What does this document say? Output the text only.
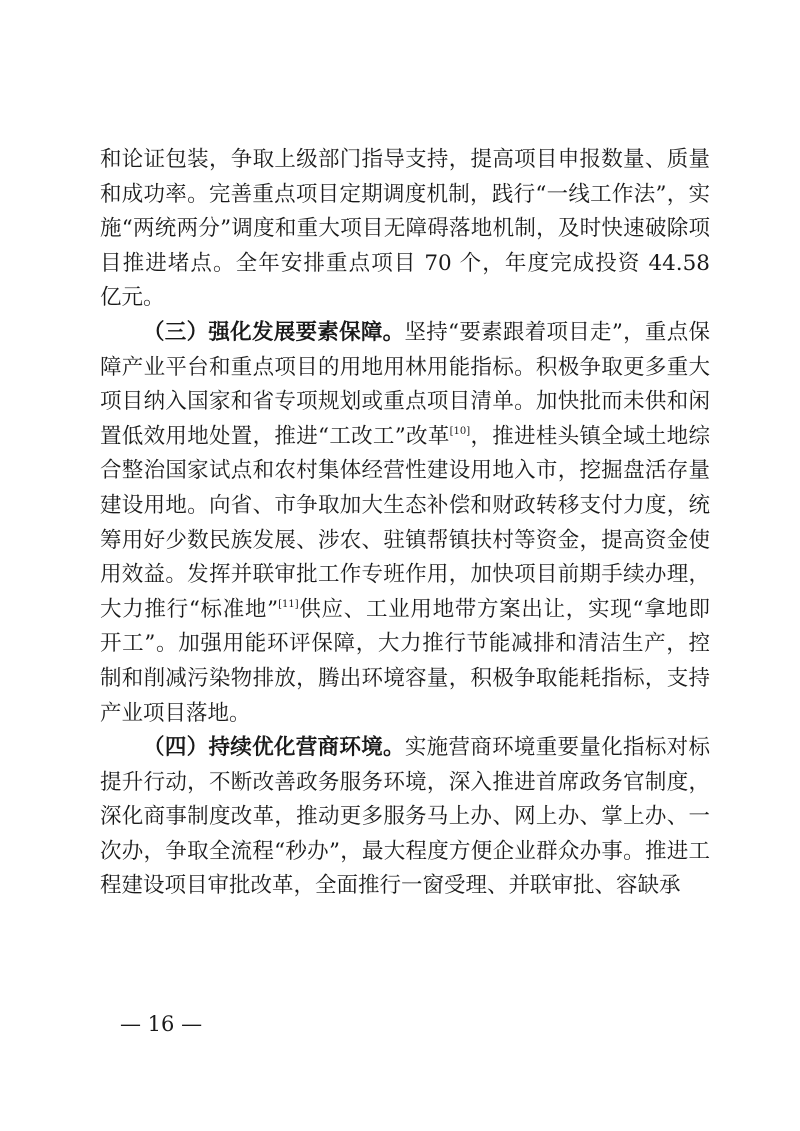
和论证包装，争取上级部门指导支持，提高项目申报数量、质量和成功率。完善重点项目定期调度机制，践行“一线工作法”，实施“两统两分”调度和重大项目无障碍落地机制，及时快速破除项目推进堵点。全年安排重点项目 70 个，年度完成投资 44.58 亿元。

（三）强化发展要素保障。坚持“要素跟着项目走”，重点保障产业平台和重点项目的用地用林用能指标。积极争取更多重大项目纳入国家和省专项规划或重点项目清单。加快批而未供和闲置低效用地处置，推进“工改工”改革[10]，推进桂头镇全域土地综合整治国家试点和农村集体经营性建设用地入市，挖掘盘活存量建设用地。向省、市争取加大生态补偿和财政转移支付力度，统筹用好少数民族发展、涉农、驻镇帮镇扶村等资金，提高资金使用效益。发挥并联审批工作专班作用，加快项目前期手续办理，大力推行“标准地”[11]供应、工业用地带方案出让，实现“拿地即开工”。加强用能环评保障，大力推行节能减排和清洁生产，控制和削减污染物排放，腾出环境容量，积极争取能耗指标，支持产业项目落地。

（四）持续优化营商环境。实施营商环境重要量化指标对标提升行动，不断改善政务服务环境，深入推进首席政务官制度，深化商事制度改革，推动更多服务马上办、网上办、掌上办、一次办，争取全流程“秒办”，最大程度方便企业群众办事。推进工程建设项目审批改革，全面推行一窗受理、并联审批、容缺承

— 16 —
